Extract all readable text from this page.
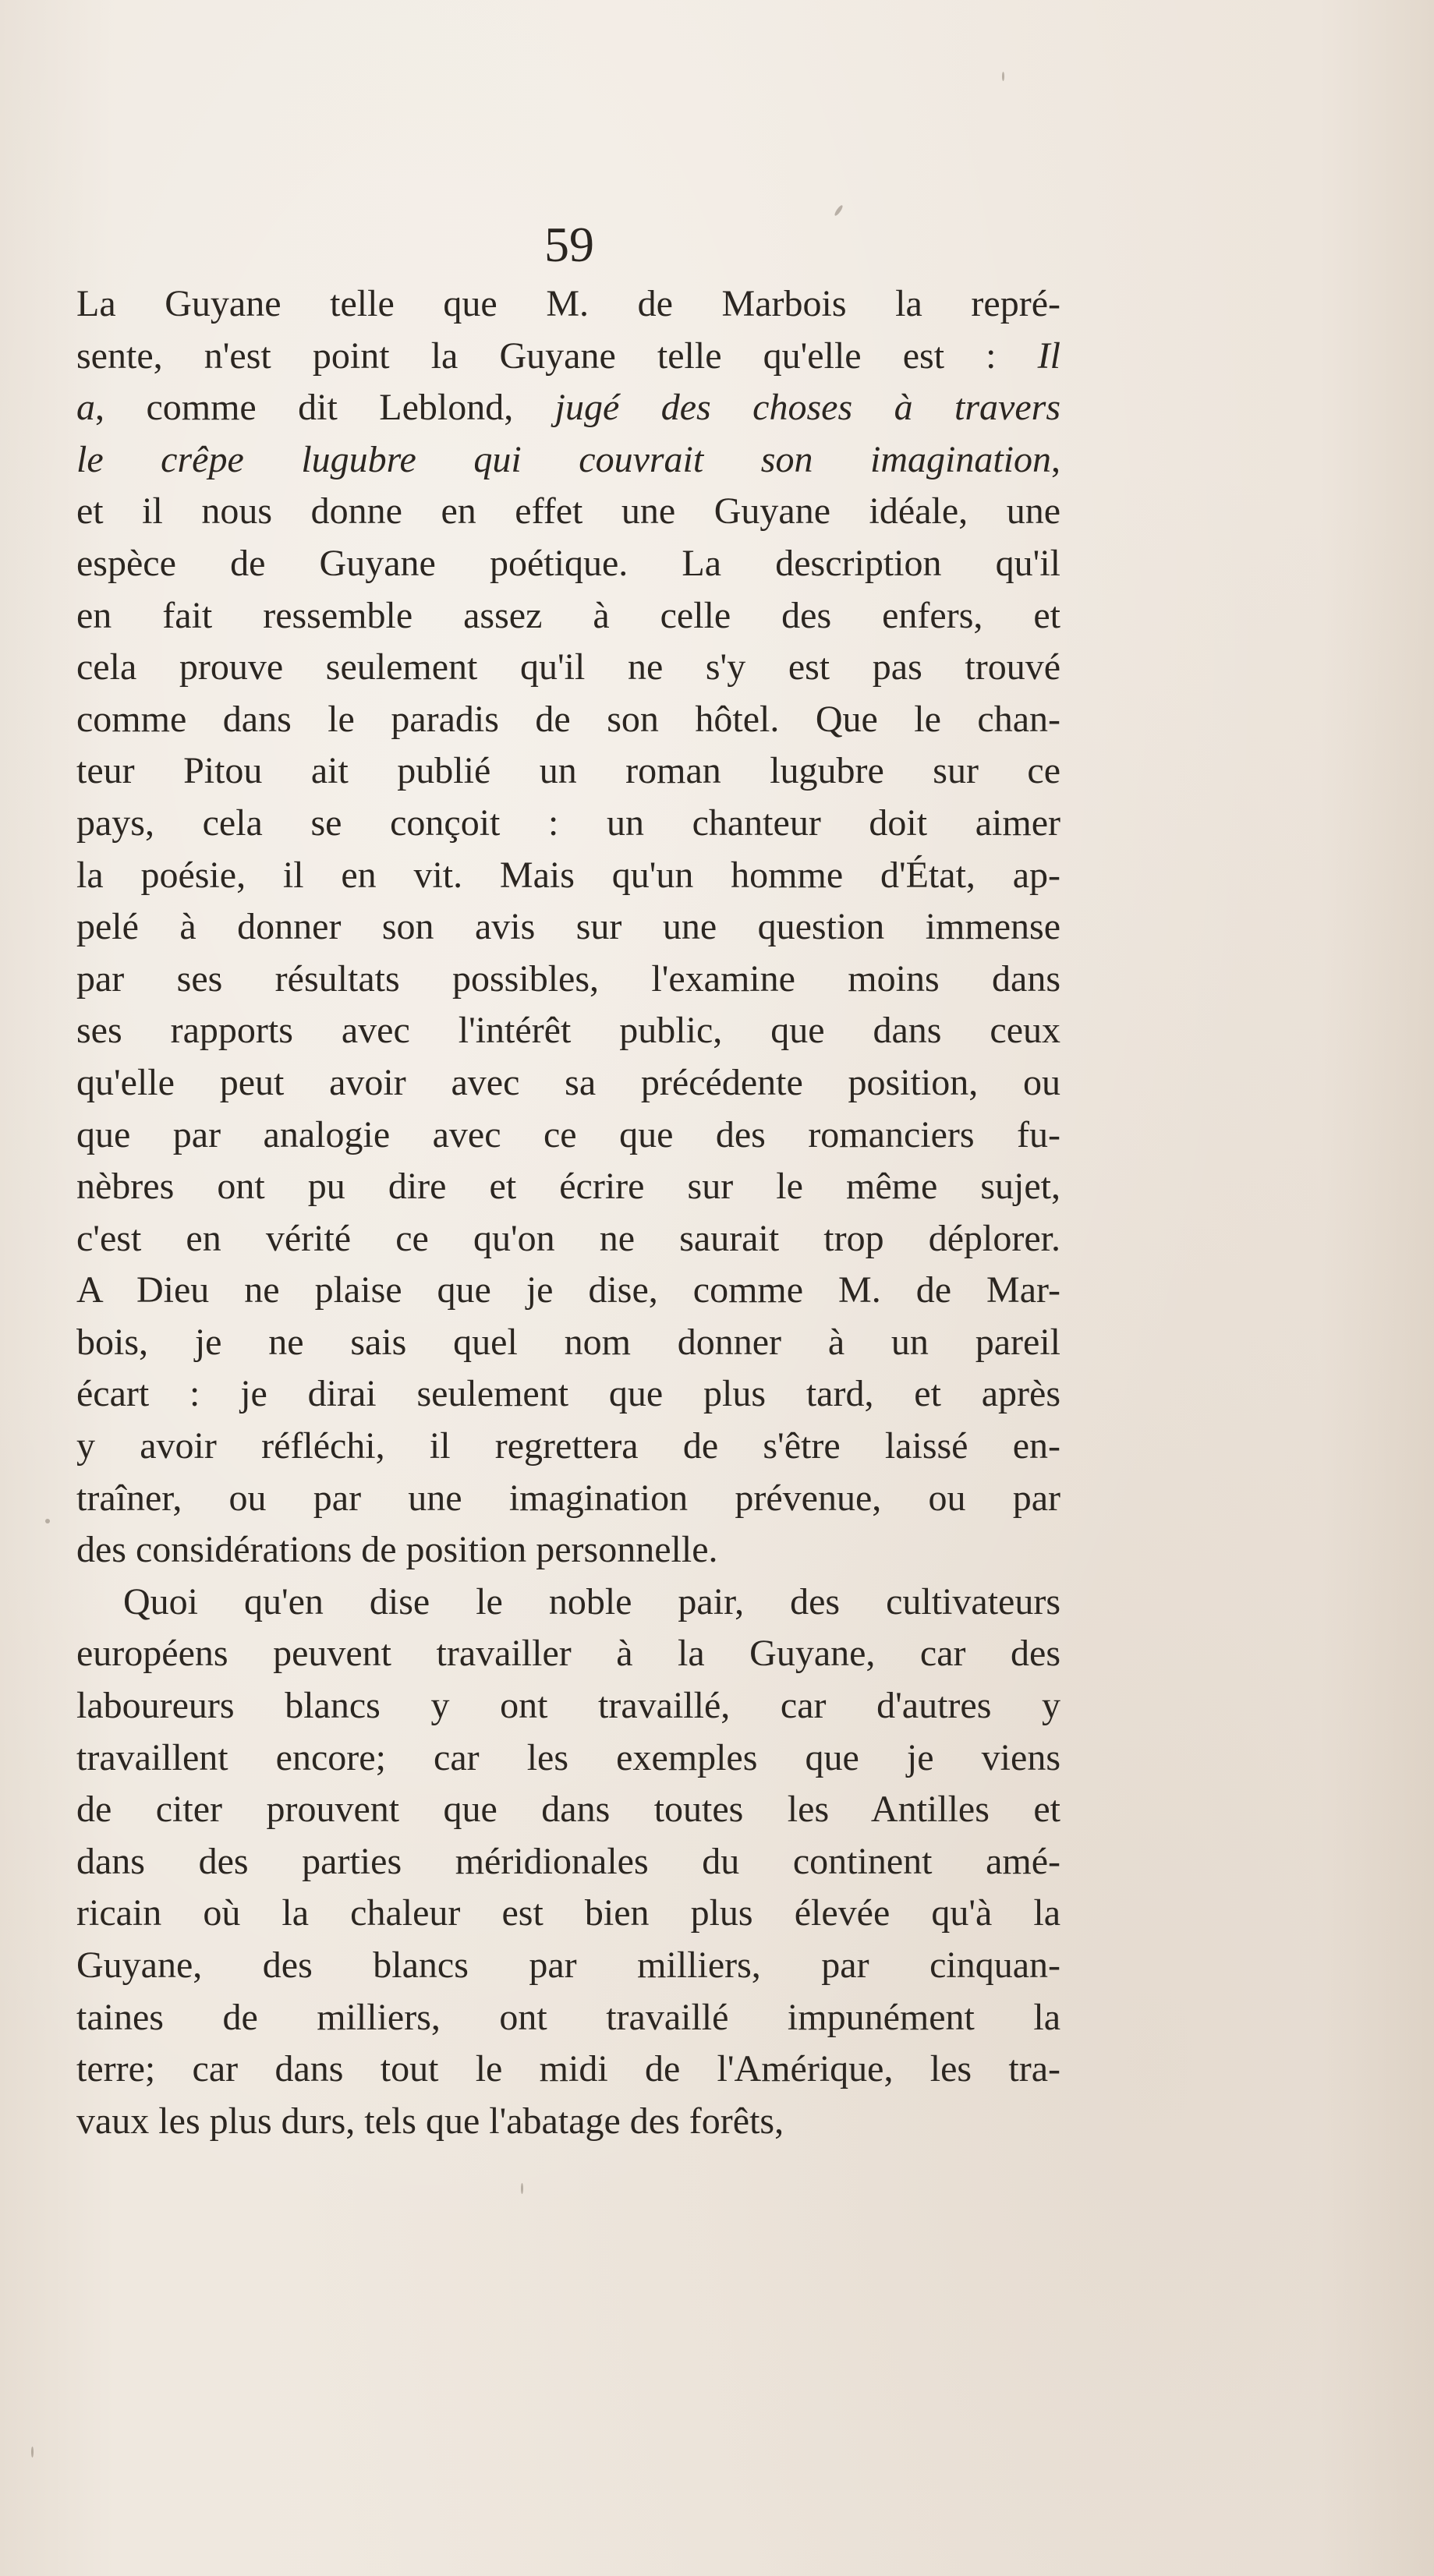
59
La Guyane telle que M. de Marbois la repré-
sente, n'est point la Guyane telle qu'elle est : Il
a, comme dit Leblond, jugé des choses à travers
le crêpe lugubre qui couvrait son imagination,
et il nous donne en effet une Guyane idéale, une
espèce de Guyane poétique. La description qu'il
en fait ressemble assez à celle des enfers, et
cela prouve seulement qu'il ne s'y est pas trouvé
comme dans le paradis de son hôtel. Que le chan-
teur Pitou ait publié un roman lugubre sur ce
pays, cela se conçoit : un chanteur doit aimer
la poésie, il en vit. Mais qu'un homme d'État, ap-
pelé à donner son avis sur une question immense
par ses résultats possibles, l'examine moins dans
ses rapports avec l'intérêt public, que dans ceux
qu'elle peut avoir avec sa précédente position, ou
que par analogie avec ce que des romanciers fu-
nèbres ont pu dire et écrire sur le même sujet,
c'est en vérité ce qu'on ne saurait trop déplorer.
A Dieu ne plaise que je dise, comme M. de Mar-
bois, je ne sais quel nom donner à un pareil
écart : je dirai seulement que plus tard, et après
y avoir réfléchi, il regrettera de s'être laissé en-
traîner, ou par une imagination prévenue, ou par
des considérations de position personnelle.
Quoi qu'en dise le noble pair, des cultivateurs
européens peuvent travailler à la Guyane, car des
laboureurs blancs y ont travaillé, car d'autres y
travaillent encore; car les exemples que je viens
de citer prouvent que dans toutes les Antilles et
dans des parties méridionales du continent amé-
ricain où la chaleur est bien plus élevée qu'à la
Guyane, des blancs par milliers, par cinquan-
taines de milliers, ont travaillé impunément la
terre; car dans tout le midi de l'Amérique, les tra-
vaux les plus durs, tels que l'abatage des forêts,
